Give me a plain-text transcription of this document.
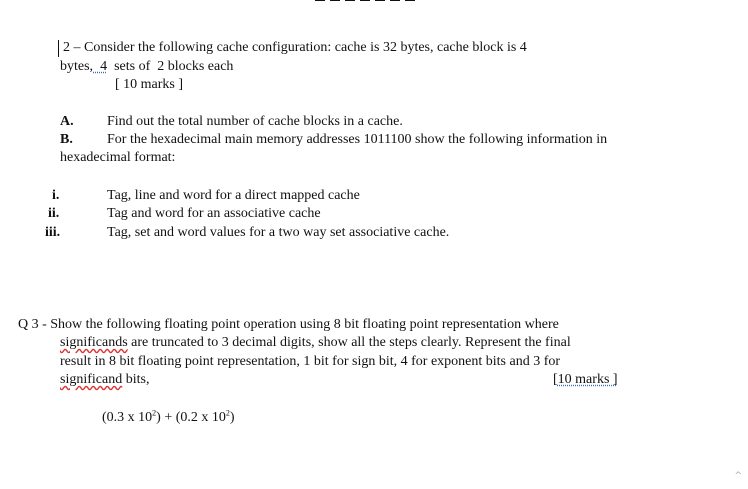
2 – Consider the following cache configuration: cache is 32 bytes, cache block is 4
bytes,  4  sets of  2 blocks each
[ 10 marks ]
A. Find out the total number of cache blocks in a cache.
B. For the hexadecimal main memory addresses 1011100 show the following information in
hexadecimal format:
i.	Tag, line and word for a direct mapped cache
ii.	Tag and word for an associative cache
iii.	Tag, set and word values for a two way set associative cache.
Q 3 - Show the following floating point operation using 8 bit floating point representation where
significands are truncated to 3 decimal digits, show all the steps clearly. Represent the final
result in 8 bit floating point representation, 1 bit for sign bit, 4 for exponent bits and 3 for
significand bits,	[10 marks ]
(0.3 x $10^2) + (0.2$ x $10^2$)
^
